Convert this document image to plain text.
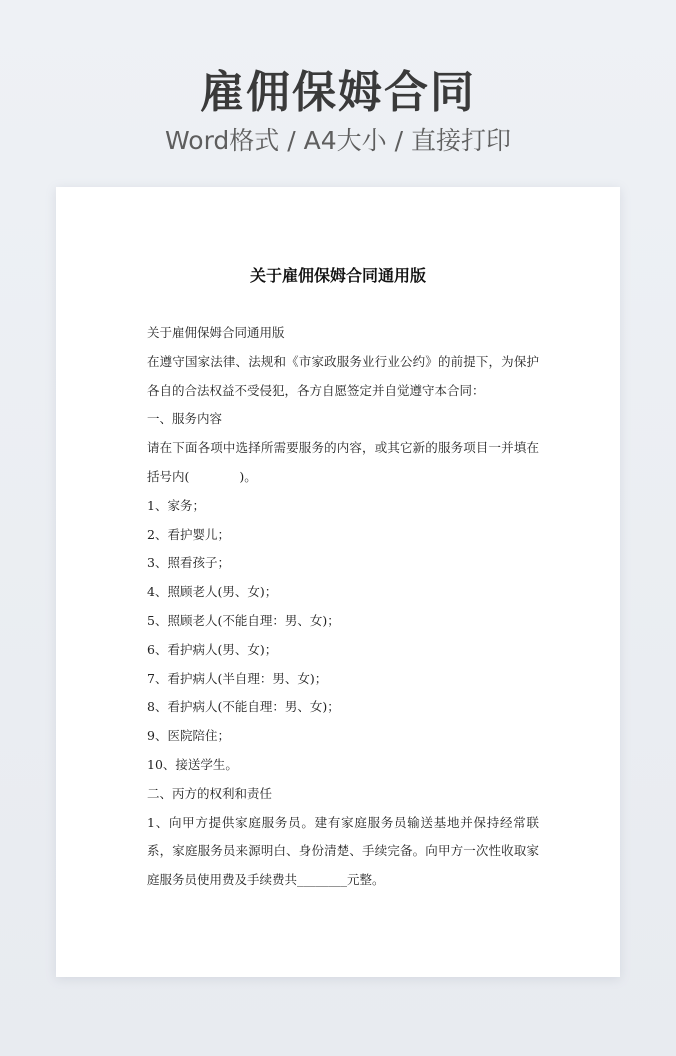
雇佣保姆合同
Word格式 / A4大小 / 直接打印
关于雇佣保姆合同通用版

关于雇佣保姆合同通用版

在遵守国家法律、法规和《市家政服务业行业公约》的前提下，为保护各自的合法权益不受侵犯，各方自愿签定并自觉遵守本合同：

一、服务内容

请在下面各项中选择所需要服务的内容，或其它新的服务项目一并填在括号内(　　　　)。

1、家务；

2、看护婴儿；

3、照看孩子；

4、照顾老人(男、女)；

5、照顾老人(不能自理：男、女)；

6、看护病人(男、女)；

7、看护病人(半自理：男、女)；

8、看护病人(不能自理：男、女)；

9、医院陪住；

10、接送学生。

二、丙方的权利和责任

1、向甲方提供家庭服务员。建有家庭服务员输送基地并保持经常联系，家庭服务员来源明白、身份清楚、手续完备。向甲方一次性收取家庭服务员使用费及手续费共________元整。
